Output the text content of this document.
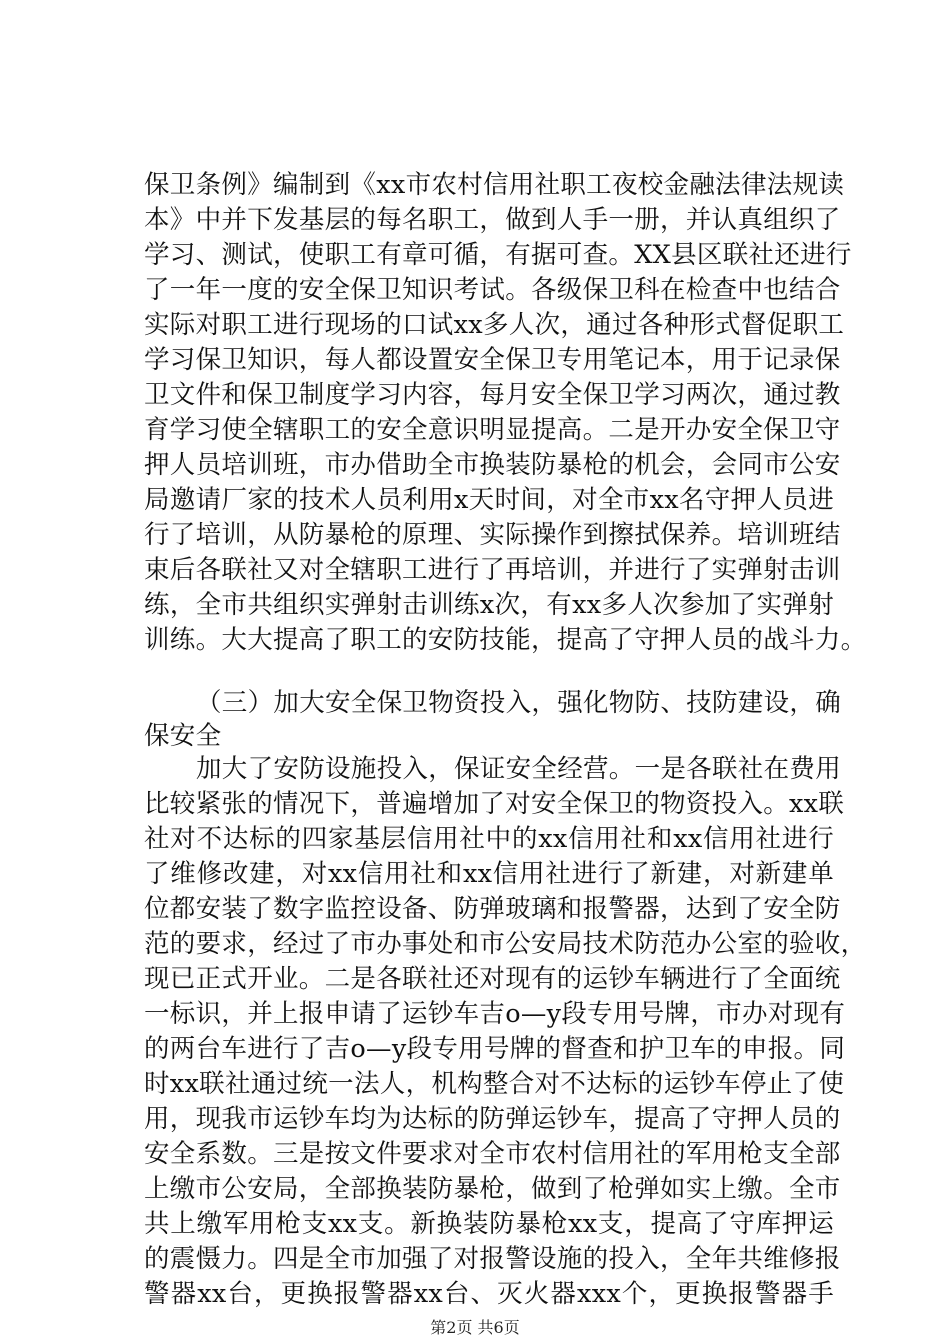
保卫条例》编制到《xx市农村信用社职工夜校金融法律法规读
本》中并下发基层的每名职工，做到人手一册，并认真组织了
学习、测试，使职工有章可循，有据可查。XX县区联社还进行
了一年一度的安全保卫知识考试。各级保卫科在检查中也结合
实际对职工进行现场的口试xx多人次，通过各种形式督促职工
学习保卫知识，每人都设置安全保卫专用笔记本，用于记录保
卫文件和保卫制度学习内容，每月安全保卫学习两次，通过教
育学习使全辖职工的安全意识明显提高。二是开办安全保卫守
押人员培训班，市办借助全市换装防暴枪的机会，会同市公安
局邀请厂家的技术人员利用x天时间，对全市xx名守押人员进
行了培训，从防暴枪的原理、实际操作到擦拭保养。培训班结
束后各联社又对全辖职工进行了再培训，并进行了实弹射击训
练，全市共组织实弹射击训练x次，有xx多人次参加了实弹射
训练。大大提高了职工的安防技能，提高了守押人员的战斗力。
（三）加大安全保卫物资投入，强化物防、技防建设，确
保安全
加大了安防设施投入，保证安全经营。一是各联社在费用
比较紧张的情况下，普遍增加了对安全保卫的物资投入。xx联
社对不达标的四家基层信用社中的xx信用社和xx信用社进行
了维修改建，对xx信用社和xx信用社进行了新建，对新建单
位都安装了数字监控设备、防弹玻璃和报警器，达到了安全防
范的要求，经过了市办事处和市公安局技术防范办公室的验收，
现已正式开业。二是各联社还对现有的运钞车辆进行了全面统
一标识，并上报申请了运钞车吉o—y段专用号牌，市办对现有
的两台车进行了吉o—y段专用号牌的督查和护卫车的申报。同
时xx联社通过统一法人，机构整合对不达标的运钞车停止了使
用，现我市运钞车均为达标的防弹运钞车，提高了守押人员的
安全系数。三是按文件要求对全市农村信用社的军用枪支全部
上缴市公安局，全部换装防暴枪，做到了枪弹如实上缴。全市
共上缴军用枪支xx支。新换装防暴枪xx支，提高了守库押运
的震慑力。四是全市加强了对报警设施的投入，全年共维修报
警器xx台，更换报警器xx台、灭火器xxx个，更换报警器手
第2页 共6页
